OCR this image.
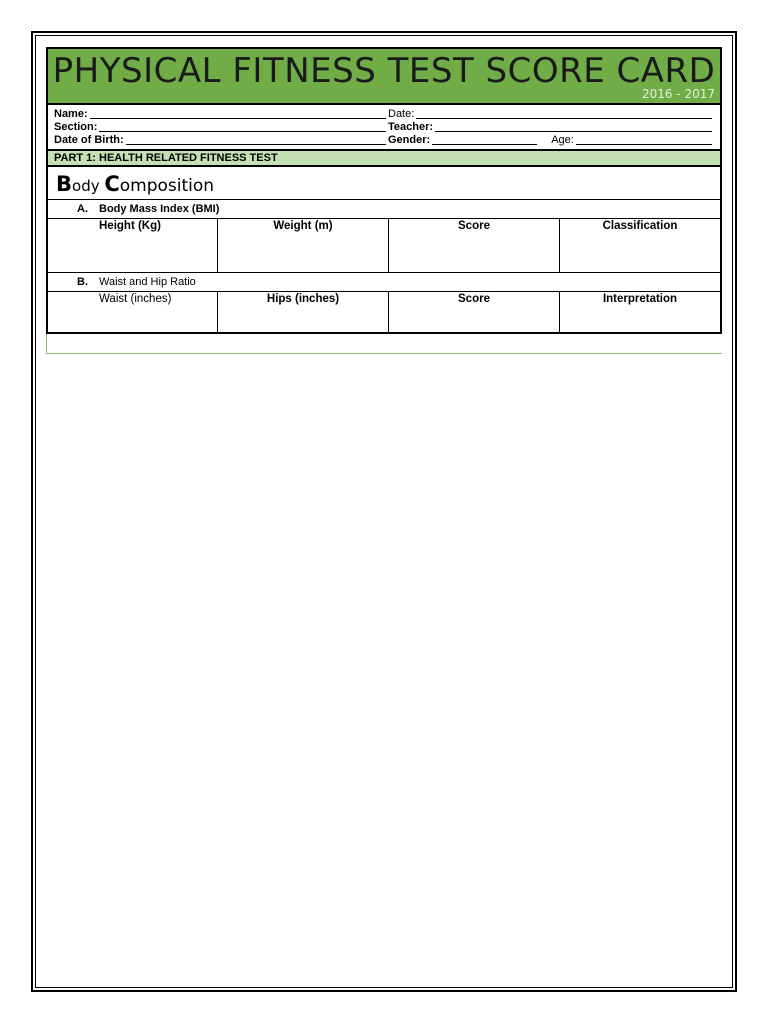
PHYSICAL FITNESS TEST SCORE CARD
2016 - 2017
Name:	Date:
Section:	Teacher:
Date of Birth:	Gender:	Age:
PART 1: HEALTH RELATED FITNESS TEST
Body Composition
A. Body Mass Index (BMI)
Height (Kg)	Weight (m)	Score	Classification
B. Waist and Hip Ratio
Waist (inches)	Hips (inches)	Score	Interpretation
